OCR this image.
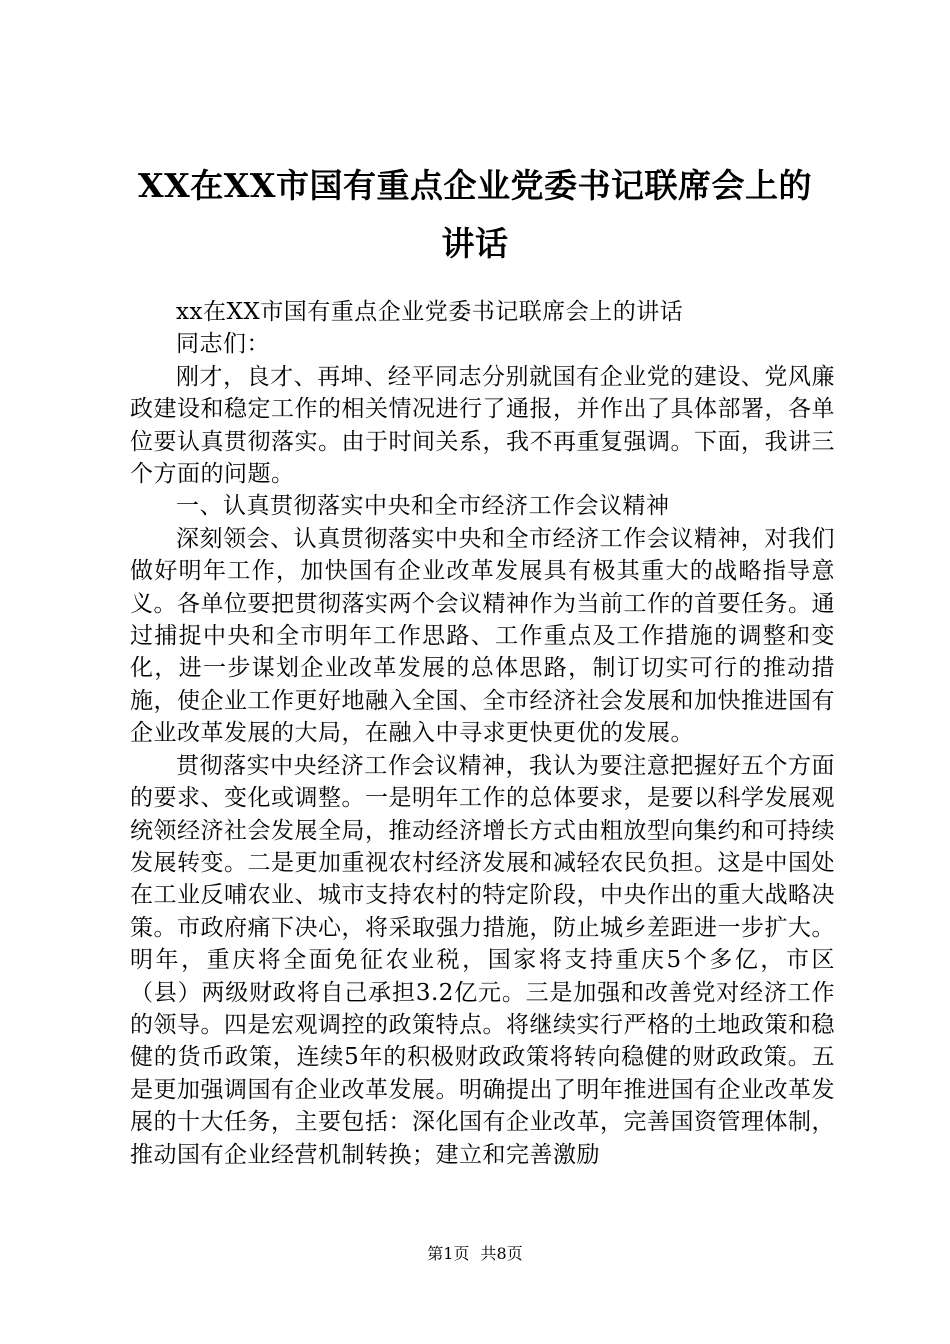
XX在XX市国有重点企业党委书记联席会上的
讲话

xx在XX市国有重点企业党委书记联席会上的讲话

同志们：

刚才，良才、再坤、经平同志分别就国有企业党的建设、党风廉政建设和稳定工作的相关情况进行了通报，并作出了具体部署，各单位要认真贯彻落实。由于时间关系，我不再重复强调。下面，我讲三个方面的问题。

一、认真贯彻落实中央和全市经济工作会议精神

深刻领会、认真贯彻落实中央和全市经济工作会议精神，对我们做好明年工作，加快国有企业改革发展具有极其重大的战略指导意义。各单位要把贯彻落实两个会议精神作为当前工作的首要任务。通过捕捉中央和全市明年工作思路、工作重点及工作措施的调整和变化，进一步谋划企业改革发展的总体思路，制订切实可行的推动措施，使企业工作更好地融入全国、全市经济社会发展和加快推进国有企业改革发展的大局，在融入中寻求更快更优的发展。

贯彻落实中央经济工作会议精神，我认为要注意把握好五个方面的要求、变化或调整。一是明年工作的总体要求，是要以科学发展观统领经济社会发展全局，推动经济增长方式由粗放型向集约和可持续发展转变。二是更加重视农村经济发展和减轻农民负担。这是中国处在工业反哺农业、城市支持农村的特定阶段，中央作出的重大战略决策。市政府痛下决心，将采取强力措施，防止城乡差距进一步扩大。明年，重庆将全面免征农业税，国家将支持重庆5个多亿，市区（县）两级财政将自己承担3.2亿元。三是加强和改善党对经济工作的领导。四是宏观调控的政策特点。将继续实行严格的土地政策和稳健的货币政策，连续5年的积极财政政策将转向稳健的财政政策。五是更加强调国有企业改革发展。明确提出了明年推进国有企业改革发展的十大任务，主要包括：深化国有企业改革，完善国资管理体制，推动国有企业经营机制转换；建立和完善激励

第1页 共8页
